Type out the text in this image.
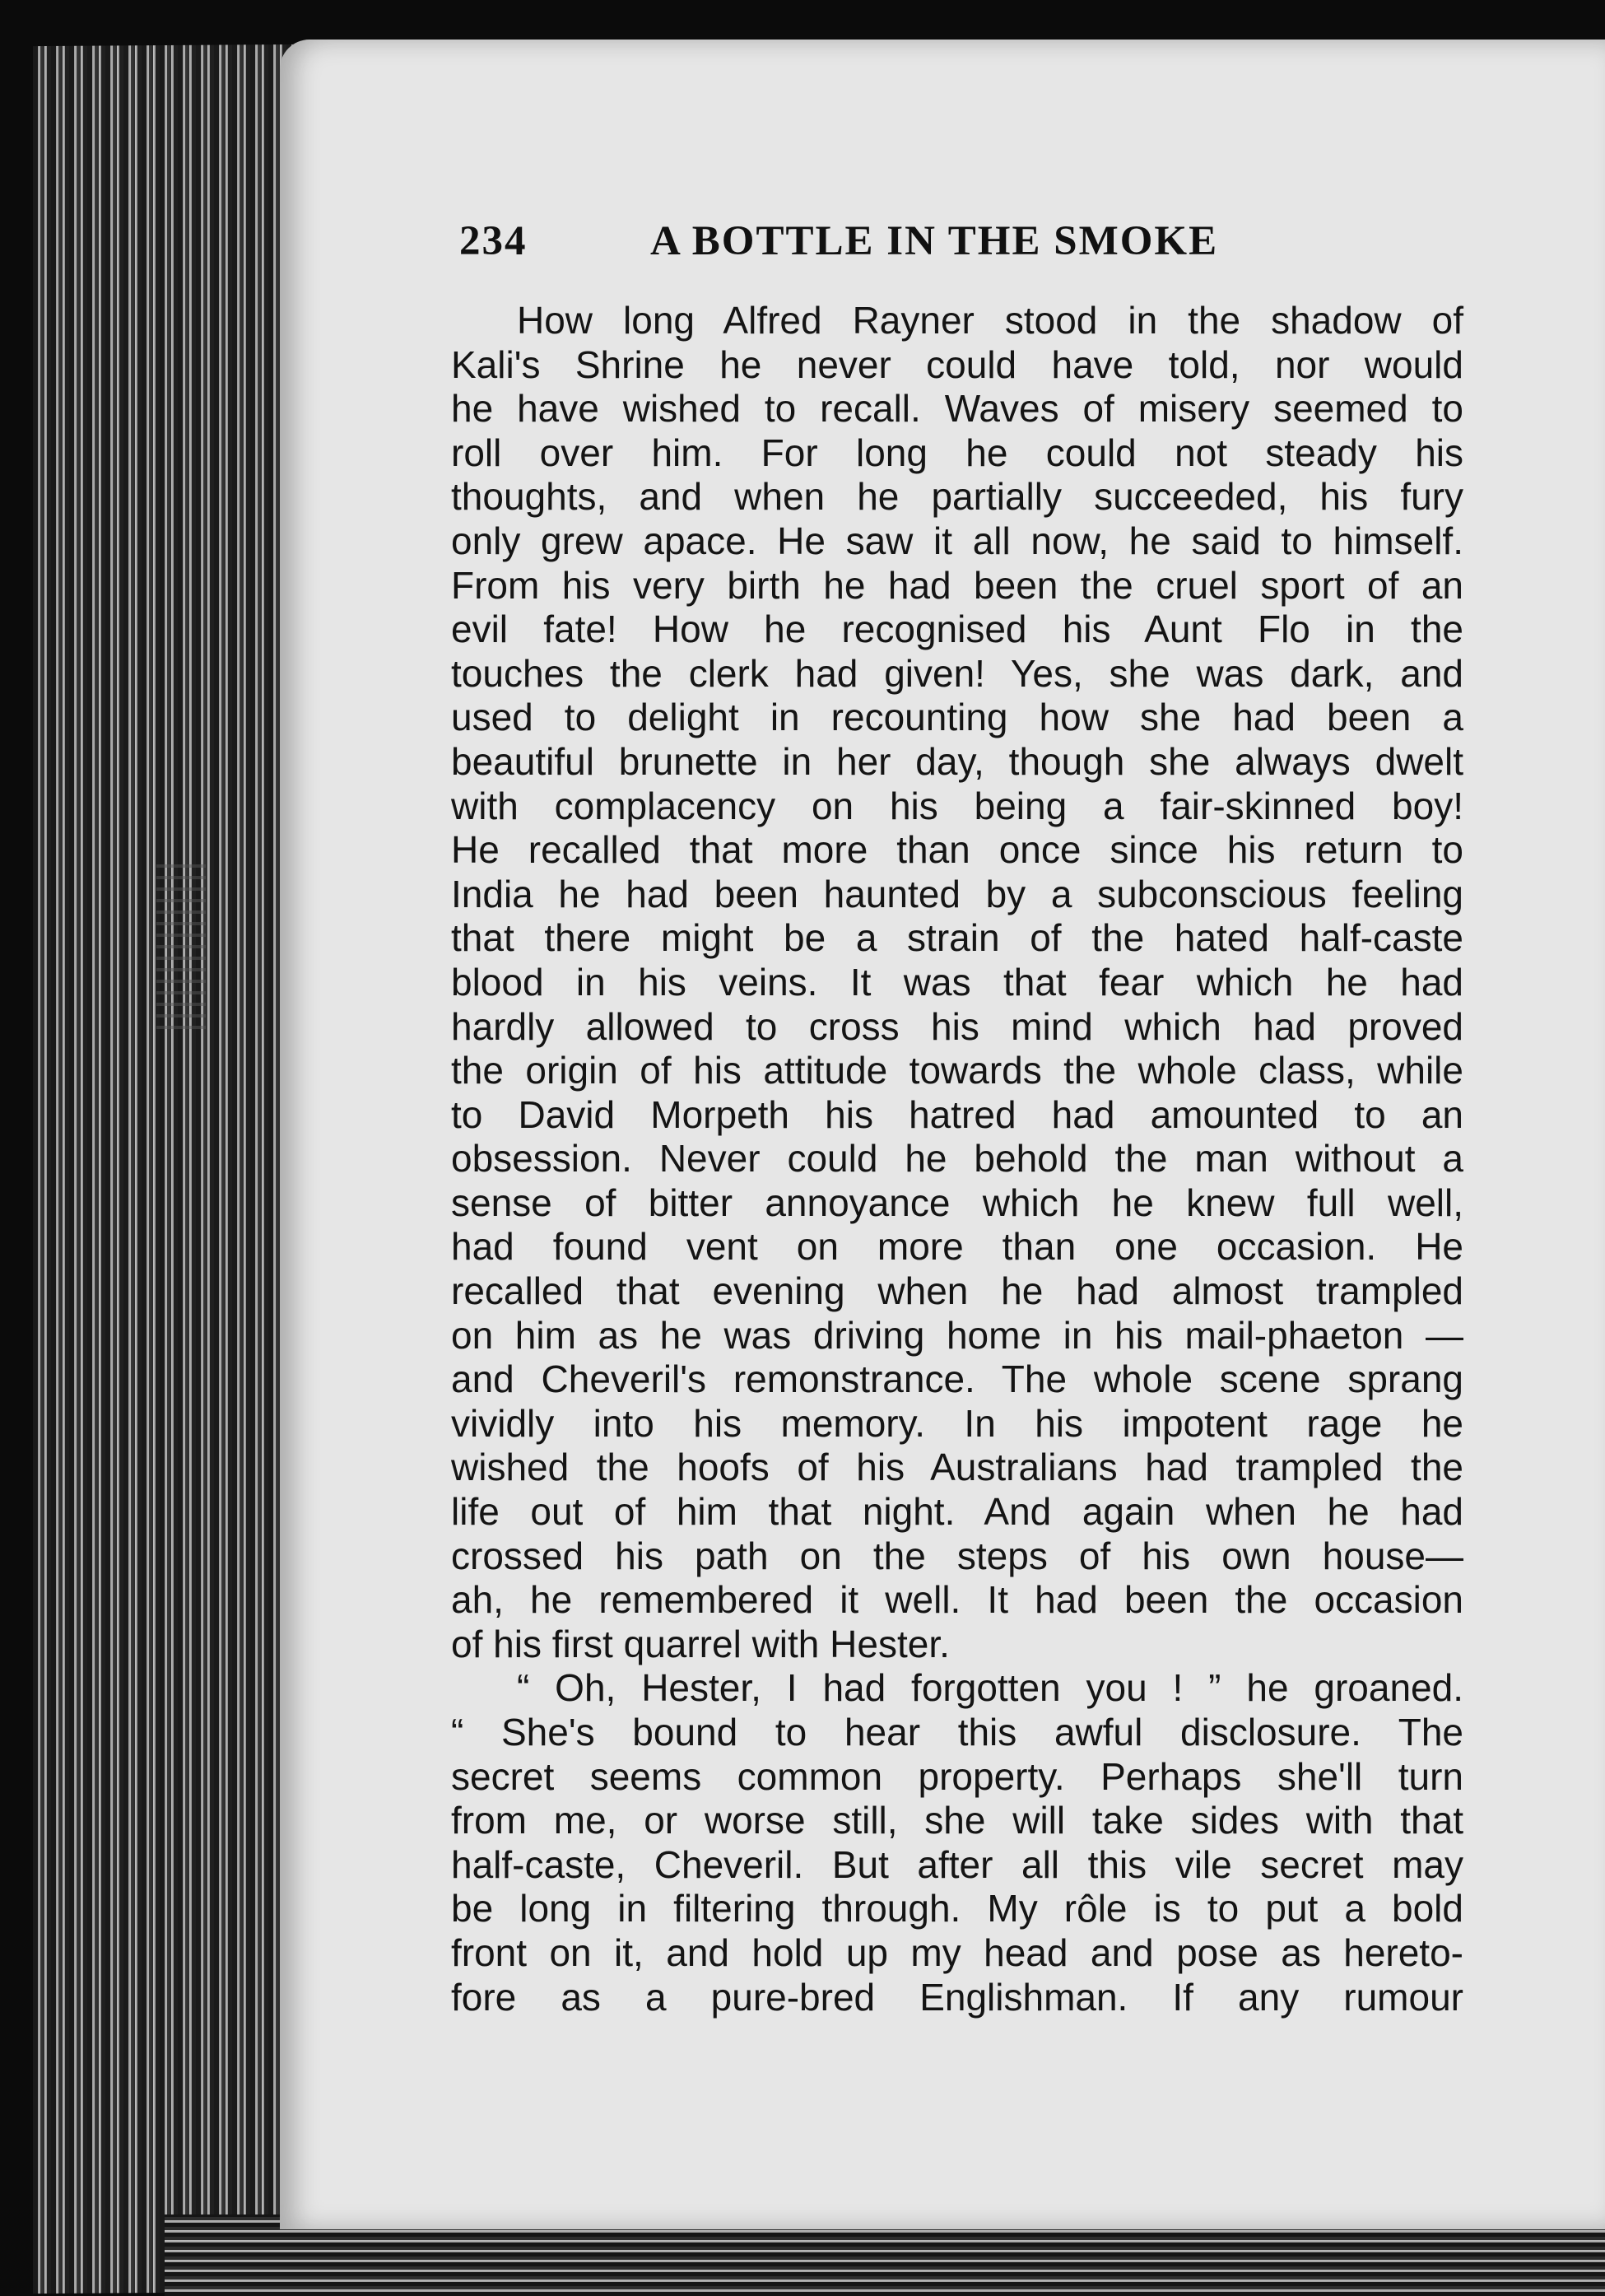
234	A BOTTLE IN THE SMOKE
How long Alfred Rayner stood in the shadow of
Kali's Shrine he never could have told, nor would
he have wished to recall. Waves of misery seemed to
roll over him. For long he could not steady his
thoughts, and when he partially succeeded, his fury
only grew apace. He saw it all now, he said to himself.
From his very birth he had been the cruel sport of an
evil fate! How he recognised his Aunt Flo in the
touches the clerk had given! Yes, she was dark, and
used to delight in recounting how she had been a
beautiful brunette in her day, though she always dwelt
with complacency on his being a fair-skinned boy!
He recalled that more than once since his return to
India he had been haunted by a subconscious feeling
that there might be a strain of the hated half-caste
blood in his veins. It was that fear which he had
hardly allowed to cross his mind which had proved
the origin of his attitude towards the whole class, while
to David Morpeth his hatred had amounted to an
obsession. Never could he behold the man without a
sense of bitter annoyance which he knew full well,
had found vent on more than one occasion. He
recalled that evening when he had almost trampled
on him as he was driving home in his mail-phaeton —
and Cheveril's remonstrance. The whole scene sprang
vividly into his memory. In his impotent rage he
wished the hoofs of his Australians had trampled the
life out of him that night. And again when he had
crossed his path on the steps of his own house—
ah, he remembered it well. It had been the occasion
of his first quarrel with Hester.
“ Oh, Hester, I had forgotten you ! ” he groaned.
“ She's bound to hear this awful disclosure. The
secret seems common property. Perhaps she'll turn
from me, or worse still, she will take sides with that
half-caste, Cheveril. But after all this vile secret may
be long in filtering through. My rôle is to put a bold
front on it, and hold up my head and pose as hereto-
fore as a pure-bred Englishman. If any rumour
